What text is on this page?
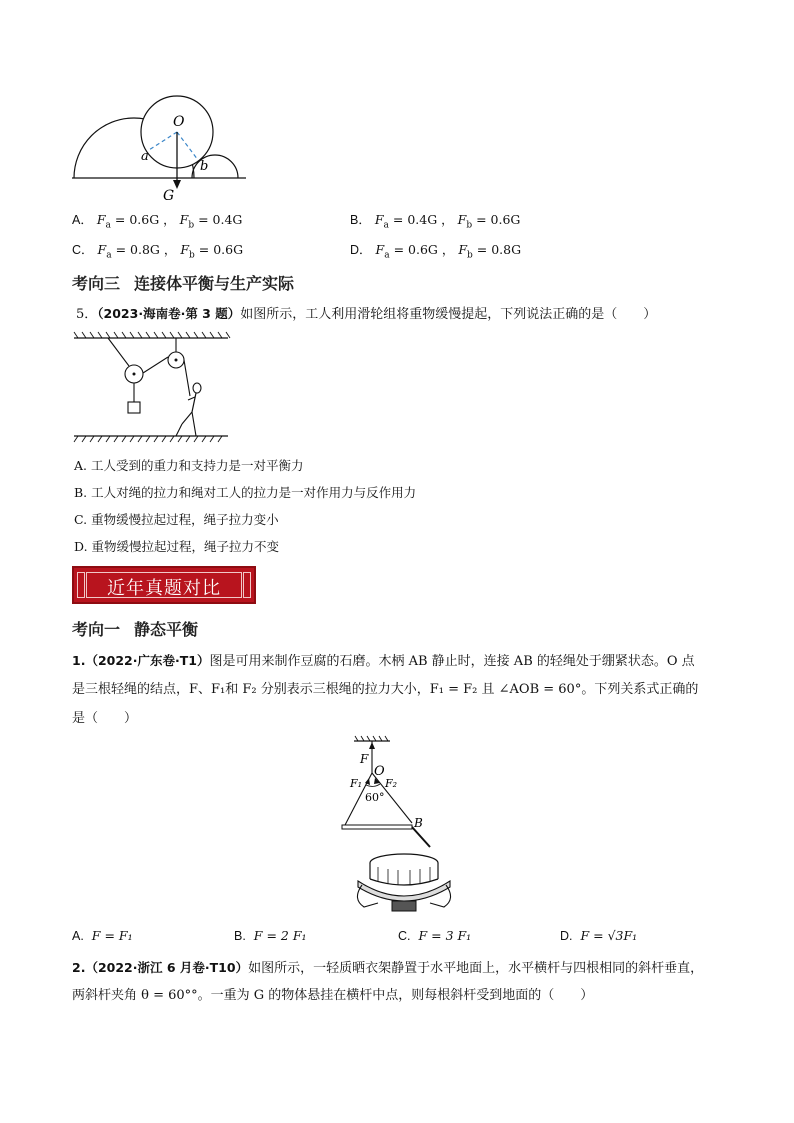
O
a
b
G
A． $F_a = 0.6G$ ， $F_b = 0.4G$	B． $F_a = 0.4G$ ， $F_b = 0.6G$
C． $F_a = 0.8G$ ， $F_b = 0.6G$	D． $F_a = 0.6G$ ， $F_b = 0.8G$
考向三 连接体平衡与生产实际
5．（2023·海南卷·第 3 题）如图所示，工人利用滑轮组将重物缓慢提起，下列说法正确的是（　　）
A. 工人受到的重力和支持力是一对平衡力
B. 工人对绳的拉力和绳对工人的拉力是一对作用力与反作用力
C. 重物缓慢拉起过程，绳子拉力变小
D. 重物缓慢拉起过程，绳子拉力不变
近年真题对比
考向一 静态平衡
1.（2022·广东卷·T1）图是可用来制作豆腐的石磨。木柄 AB 静止时，连接 AB 的轻绳处于绷紧状态。O 点
是三根轻绳的结点，F、F₁和 F₂ 分别表示三根绳的拉力大小，F₁ = F₂ 且 ∠AOB = 60°。下列关系式正确的
是（　　）
F
O
F₁ F₂
60°
B
A. F = F₁	B. F = 2 F₁	C. F = 3 F₁	D. F = √3F₁
2.（2022·浙江 6 月卷·T10）如图所示，一轻质晒衣架静置于水平地面上，水平横杆与四根相同的斜杆垂直，
两斜杆夹角 θ = 60°°。一重为 G 的物体悬挂在横杆中点，则每根斜杆受到地面的（　　）
